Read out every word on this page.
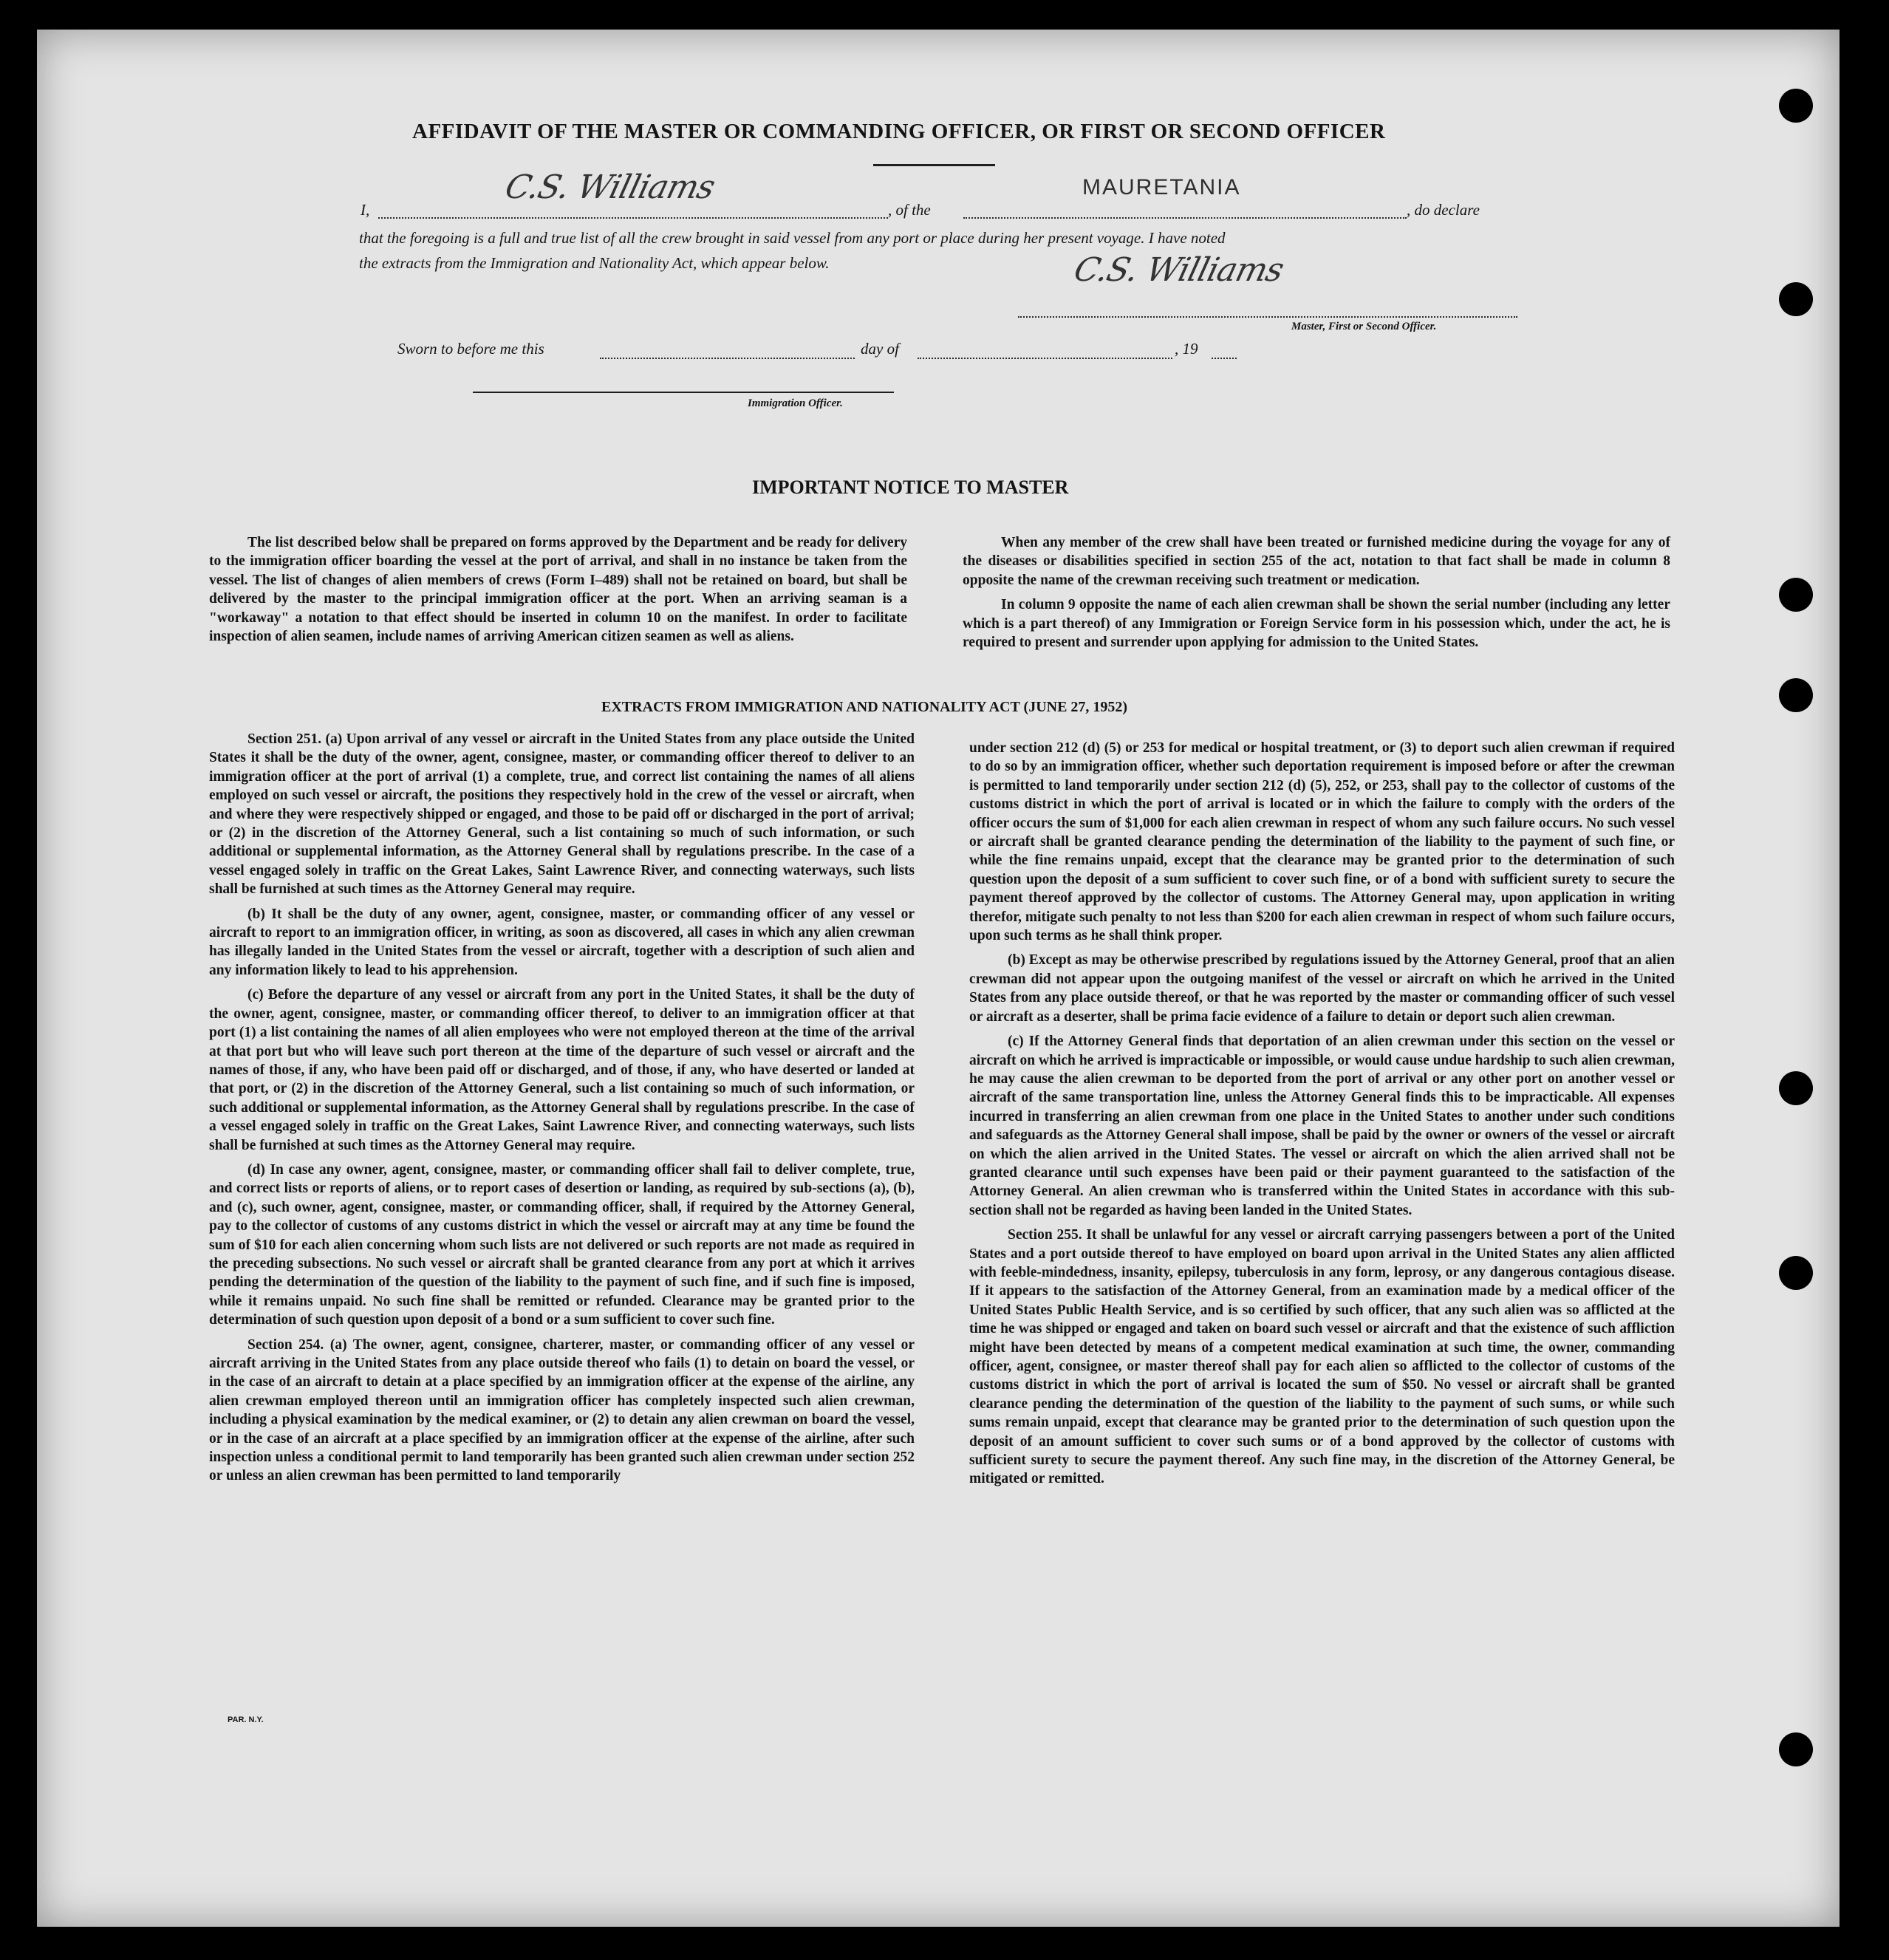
AFFIDAVIT OF THE MASTER OR COMMANDING OFFICER, OR FIRST OR SECOND OFFICER
I,
C.S. Williams
, of the
MAURETANIA
, do declare
that the foregoing is a full and true list of all the crew brought in said vessel from any port or place during her present voyage. I have noted
the extracts from the Immigration and Nationality Act, which appear below.	C.S. Williams
Master, First or Second Officer.
Sworn to before me this	day of	, 19
Immigration Officer.
IMPORTANT NOTICE TO MASTER

The list described below shall be prepared on forms approved by the Department and be ready for delivery to the immigration officer boarding the vessel at the port of arrival, and shall in no instance be taken from the vessel. The list of changes of alien members of crews (Form I–489) shall not be retained on board, but shall be delivered by the master to the principal immigration officer at the port. When an arriving seaman is a "workaway" a notation to that effect should be inserted in column 10 on the manifest. In order to facilitate inspection of alien seamen, include names of arriving American citizen seamen as well as aliens.

When any member of the crew shall have been treated or furnished medicine during the voyage for any of the diseases or disabilities specified in section 255 of the act, notation to that fact shall be made in column 8 opposite the name of the crewman receiving such treatment or medication.

In column 9 opposite the name of each alien crewman shall be shown the serial number (including any letter which is a part thereof) of any Immigration or Foreign Service form in his possession which, under the act, he is required to present and surrender upon applying for admission to the United States.

EXTRACTS FROM IMMIGRATION AND NATIONALITY ACT (JUNE 27, 1952)

Section 251. (a) Upon arrival of any vessel or aircraft in the United States from any place outside the United States it shall be the duty of the owner, agent, consignee, master, or commanding officer thereof to deliver to an immigration officer at the port of arrival (1) a complete, true, and correct list containing the names of all aliens employed on such vessel or aircraft, the positions they respectively hold in the crew of the vessel or aircraft, when and where they were respectively shipped or engaged, and those to be paid off or discharged in the port of arrival; or (2) in the discretion of the Attorney General, such a list containing so much of such information, or such additional or supplemental information, as the Attorney General shall by regulations prescribe. In the case of a vessel engaged solely in traffic on the Great Lakes, Saint Lawrence River, and connecting waterways, such lists shall be furnished at such times as the Attorney General may require.

(b) It shall be the duty of any owner, agent, consignee, master, or commanding officer of any vessel or aircraft to report to an immigration officer, in writing, as soon as discovered, all cases in which any alien crewman has illegally landed in the United States from the vessel or aircraft, together with a description of such alien and any information likely to lead to his apprehension.

(c) Before the departure of any vessel or aircraft from any port in the United States, it shall be the duty of the owner, agent, consignee, master, or commanding officer thereof, to deliver to an immigration officer at that port (1) a list containing the names of all alien employees who were not employed thereon at the time of the arrival at that port but who will leave such port thereon at the time of the departure of such vessel or aircraft and the names of those, if any, who have been paid off or discharged, and of those, if any, who have deserted or landed at that port, or (2) in the discretion of the Attorney General, such a list containing so much of such information, or such additional or supplemental information, as the Attorney General shall by regulations prescribe. In the case of a vessel engaged solely in traffic on the Great Lakes, Saint Lawrence River, and connecting waterways, such lists shall be furnished at such times as the Attorney General may require.

(d) In case any owner, agent, consignee, master, or commanding officer shall fail to deliver complete, true, and correct lists or reports of aliens, or to report cases of desertion or landing, as required by sub-sections (a), (b), and (c), such owner, agent, consignee, master, or commanding officer, shall, if required by the Attorney General, pay to the collector of customs of any customs district in which the vessel or aircraft may at any time be found the sum of $10 for each alien concerning whom such lists are not delivered or such reports are not made as required in the preceding subsections. No such vessel or aircraft shall be granted clearance from any port at which it arrives pending the determination of the question of the liability to the payment of such fine, and if such fine is imposed, while it remains unpaid. No such fine shall be remitted or refunded. Clearance may be granted prior to the determination of such question upon deposit of a bond or a sum sufficient to cover such fine.

Section 254. (a) The owner, agent, consignee, charterer, master, or commanding officer of any vessel or aircraft arriving in the United States from any place outside thereof who fails (1) to detain on board the vessel, or in the case of an aircraft to detain at a place specified by an immigration officer at the expense of the airline, any alien crewman employed thereon until an immigration officer has completely inspected such alien crewman, including a physical examination by the medical examiner, or (2) to detain any alien crewman on board the vessel, or in the case of an aircraft at a place specified by an immigration officer at the expense of the airline, after such inspection unless a conditional permit to land temporarily has been granted such alien crewman under section 252 or unless an alien crewman has been permitted to land temporarily

under section 212 (d) (5) or 253 for medical or hospital treatment, or (3) to deport such alien crewman if required to do so by an immigration officer, whether such deportation requirement is imposed before or after the crewman is permitted to land temporarily under section 212 (d) (5), 252, or 253, shall pay to the collector of customs of the customs district in which the port of arrival is located or in which the failure to comply with the orders of the officer occurs the sum of $1,000 for each alien crewman in respect of whom any such failure occurs. No such vessel or aircraft shall be granted clearance pending the determination of the liability to the payment of such fine, or while the fine remains unpaid, except that the clearance may be granted prior to the determination of such question upon the deposit of a sum sufficient to cover such fine, or of a bond with sufficient surety to secure the payment thereof approved by the collector of customs. The Attorney General may, upon application in writing therefor, mitigate such penalty to not less than $200 for each alien crewman in respect of whom such failure occurs, upon such terms as he shall think proper.

(b) Except as may be otherwise prescribed by regulations issued by the Attorney General, proof that an alien crewman did not appear upon the outgoing manifest of the vessel or aircraft on which he arrived in the United States from any place outside thereof, or that he was reported by the master or commanding officer of such vessel or aircraft as a deserter, shall be prima facie evidence of a failure to detain or deport such alien crewman.

(c) If the Attorney General finds that deportation of an alien crewman under this section on the vessel or aircraft on which he arrived is impracticable or impossible, or would cause undue hardship to such alien crewman, he may cause the alien crewman to be deported from the port of arrival or any other port on another vessel or aircraft of the same transportation line, unless the Attorney General finds this to be impracticable. All expenses incurred in transferring an alien crewman from one place in the United States to another under such conditions and safeguards as the Attorney General shall impose, shall be paid by the owner or owners of the vessel or aircraft on which the alien arrived in the United States. The vessel or aircraft on which the alien arrived shall not be granted clearance until such expenses have been paid or their payment guaranteed to the satisfaction of the Attorney General. An alien crewman who is transferred within the United States in accordance with this sub-section shall not be regarded as having been landed in the United States.

Section 255. It shall be unlawful for any vessel or aircraft carrying passengers between a port of the United States and a port outside thereof to have employed on board upon arrival in the United States any alien afflicted with feeble-mindedness, insanity, epilepsy, tuberculosis in any form, leprosy, or any dangerous contagious disease. If it appears to the satisfaction of the Attorney General, from an examination made by a medical officer of the United States Public Health Service, and is so certified by such officer, that any such alien was so afflicted at the time he was shipped or engaged and taken on board such vessel or aircraft and that the existence of such affliction might have been detected by means of a competent medical examination at such time, the owner, commanding officer, agent, consignee, or master thereof shall pay for each alien so afflicted to the collector of customs of the customs district in which the port of arrival is located the sum of $50. No vessel or aircraft shall be granted clearance pending the determination of the question of the liability to the payment of such sums, or while such sums remain unpaid, except that clearance may be granted prior to the determination of such question upon the deposit of an amount sufficient to cover such sums or of a bond approved by the collector of customs with sufficient surety to secure the payment thereof. Any such fine may, in the discretion of the Attorney General, be mitigated or remitted.

PAR. N.Y.
